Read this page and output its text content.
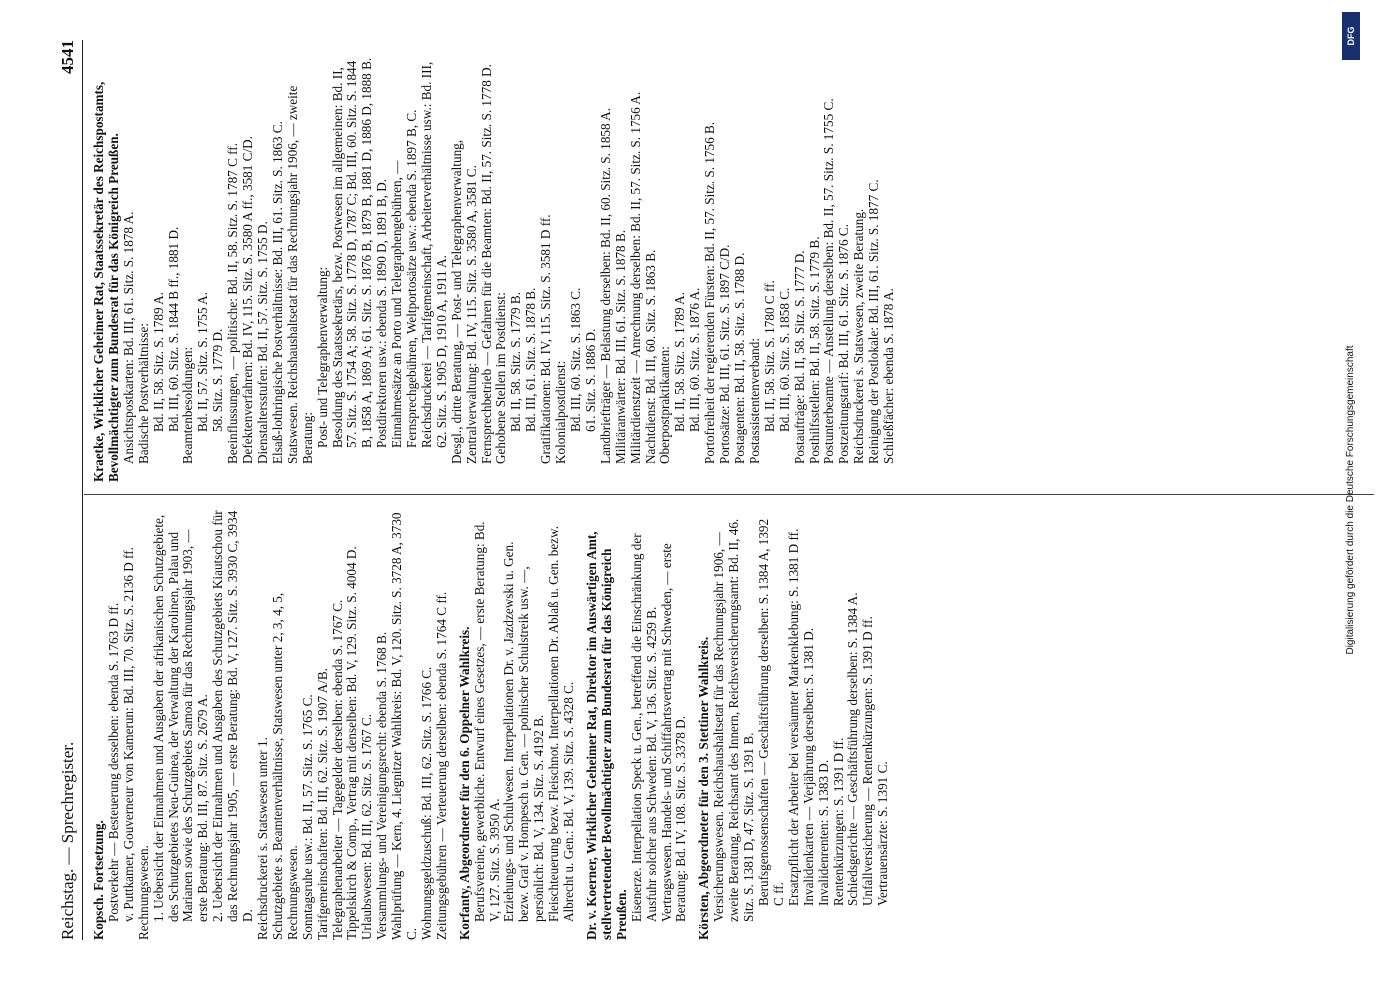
Reichstag. — Sprechregister.
4541

Kopsch. Fortsetzung. Postverkehr — Besteuerung desselben: ebenda S. 1763 D ff. v. Puttkamer, Gouverneur von Kamerun: Bd. III, 70. Sitz. S. 2136 D ff. Rechnungswesen. 1. Uebersicht der Einnahmen und Ausgaben der afrikanischen Schutzgebiete, des Schutzgebietes Neu-Guinea, der Verwaltung der Karolinen, Palau und Marianen sowie des Schutzgebiets Samoa für das Rechnungsjahr 1903, — erste Beratung: Bd. III, 87. Sitz. S. 2679 A. 2. Uebersicht der Einnahmen und Ausgaben des Schutzgebiets Kiautschou für das Rechnungsjahr 1905, — erste Beratung: Bd. V, 127. Sitz. S. 3930 C, 3934 D. Reichsdruckerei s. Statswesen unter 1. Schutzgebiete s. Beamtenverhältnisse, Statswesen unter 2, 3, 4, 5, Rechnungswesen. Sonntagsruhe usw.: Bd. II, 57. Sitz. S. 1765 C. Tarifgemeinschaften: Bd. III, 62. Sitz. S. 1907 A/B. Telegraphenarbeiter — Tagegelder derselben: ebenda S. 1767 C. Tippelskirch & Comp., Vertrag mit denselben: Bd. V, 129. Sitz. S. 4004 D. Urlaubswesen: Bd. III, 62. Sitz. S. 1767 C. Versammlungs- und Vereinigungsrecht: ebenda S. 1768 B. Wahlprüfung — Kern, 4. Liegnitzer Wahlkreis: Bd. V, 120. Sitz. S. 3728 A, 3730 C. Wohnungsgeldzuschuß: Bd. III, 62. Sitz. S. 1766 C. Zeitungsgebühren — Verteuerung derselben: ebenda S. 1764 C ff. Korfanty, Abgeordneter für den 6. Oppelner Wahlkreis. Berufsvereine, gewerbliche. Entwurf eines Gesetzes, — erste Beratung: Bd. V, 127. Sitz. S. 3950 A. Erziehungs- und Schulwesen. Interpellationen Dr. v. Jazdzewski u. Gen. bezw. Graf v. Hompesch u. Gen. — polnischer Schulstreik usw. —, persönlich: Bd. V, 134. Sitz. S. 4192 B. Fleischteuerung bezw. Fleischnot. Interpellationen Dr. Ablaß u. Gen. bezw. Albrecht u. Gen.: Bd. V, 139. Sitz. S. 4328 C. Dr. v. Koerner, Wirklicher Geheimer Rat, Direktor im Auswärtigen Amt, stellvertretender Bevollmächtigter zum Bundesrat für das Königreich Preußen. Eisenerze. Interpellation Speck u. Gen., betreffend die Einschränkung der Ausfuhr solcher aus Schweden: Bd. V, 136. Sitz. S. 4259 B. Vertragswesen. Handels- und Schiffahrtsvertrag mit Schweden, — erste Beratung: Bd. IV, 108. Sitz. S. 3378 D. Körsten, Abgeordneter für den 3. Stettiner Wahlkreis. Versicherungswesen. Reichshaushaltsetat für das Rechnungsjahr 1906, — zweite Beratung, Reichsamt des Innern, Reichsversicherungsamt: Bd. II, 46. Sitz. S. 1381 D, 47. Sitz. S. 1391 B. Berufsgenossenschaften — Geschäftsführung derselben: S. 1384 A, 1392 C ff. Ersatzpflicht der Arbeiter bei versäumter Markenklebung: S. 1381 D ff. Invalidenkarten — Verjährung derselben: S. 1381 D. Invalidenrenten: S. 1383 D. Rentenkürzungen: S. 1391 D ff. Schiedsgerichte — Geschäftsführung derselben: S. 1384 A. Unfallversicherung — Rentenkürzungen: S. 1391 D ff. Vertrauensärzte: S. 1391 C.

Kraetke, Wirklicher Geheimer Rat, Staatssekretär des Reichspostamts, Bevollmächtigter zum Bundesrat für das Königreich Preußen. Ansichtspostkarten: Bd. III, 61. Sitz. S. 1878 A. Badische Postverhältnisse: Bd. II, 58. Sitz. S. 1789 A. Bd. III, 60. Sitz. S. 1844 B ff., 1881 D. Beamtenbesoldungen: Bd. II, 57. Sitz. S. 1755 A. 58. Sitz. S. 1779 D. Beeinflussungen, — politische: Bd. II, 58. Sitz. S. 1787 C ff. Defektenverfahren: Bd. IV, 115. Sitz. S. 3580 A ff., 3581 C/D. Dienstaltersstufen: Bd. II, 57. Sitz. S. 1755 D. Elsaß-lothringische Postverhältnisse: Bd. III, 61. Sitz. S. 1863 C. Statswesen. Reichshaushaltsetat für das Rechnungsjahr 1906, — zweite Beratung: Post- und Telegraphenverwaltung: Besoldung des Staatssekretärs, bezw. Postwesen im allgemeinen: Bd. II, 57. Sitz. S. 1754 A; 58. Sitz. S. 1778 D, 1787 C; Bd. III, 60. Sitz. S. 1844 B, 1858 A, 1869 A; 61. Sitz. S. 1876 B, 1879 B, 1881 D, 1886 D, 1888 B. Postdirektoren usw.: ebenda S. 1890 D, 1891 B, D. Einnahmesätze an Porto und Telegraphengebühren, — Fernsprechgebühren, Weltportosätze usw.: ebenda S. 1897 B, C. Reichsdruckerei — Tarifgemeinschaft, Arbeiterverhältnisse usw.: Bd. III, 62. Sitz. S. 1905 D, 1910 A, 1911 A. Desgl., dritte Beratung, — Post- und Telegraphenverwaltung, Zentralverwaltung: Bd. IV, 115. Sitz. S. 3580 A, 3581 C. Fernsprechbetrieb — Gefahren für die Beamten: Bd. II, 57. Sitz. S. 1778 D. Gehobene Stellen im Postdienst: Bd. II, 58. Sitz. S. 1779 B. Bd. III, 61. Sitz. S. 1878 B. Gratifikationen: Bd. IV, 115. Sitz. S. 3581 D ff. Kolonialpostdienst: Bd. III, 60. Sitz. S. 1863 C. 61. Sitz. S. 1886 D. Landbriefträger — Belastung derselben: Bd. II, 60. Sitz. S. 1858 A. Militäranwärter: Bd. III, 61. Sitz. S. 1878 B. Militärdienstzeit — Anrechnung derselben: Bd. II, 57. Sitz. S. 1756 A. Nachtdienst: Bd. III, 60. Sitz. S. 1863 B. Oberpostpraktikanten: Bd. II, 58. Sitz. S. 1789 A. Bd. III, 60. Sitz. S. 1876 A. Portofreiheit der regierenden Fürsten: Bd. II, 57. Sitz. S. 1756 B. Portosätze: Bd. III, 61. Sitz. S. 1897 C/D. Postagenten: Bd. II, 58. Sitz. S. 1788 D. Postassistentenverband: Bd. II, 58. Sitz. S. 1780 C ff. Bd. III, 60. Sitz. S. 1858 C. Postaufträge: Bd. II, 58. Sitz. S. 1777 D. Posthilfsstellen: Bd. II, 58. Sitz. S. 1779 B. Postunterbeamte — Anstellung derselben: Bd. II, 57. Sitz. S. 1755 C. Postzeitungstarif: Bd. III, 61. Sitz. S. 1876 C. Reichsdruckerei s. Statswesen, zweite Beratung. Reinigung der Postlokale: Bd. III, 61. Sitz. S. 1877 C. Schließfächer: ebenda S. 1878 A.	Digitalisierung gefördert durch die Deutsche Forschungsgemeinschaft
DFG
